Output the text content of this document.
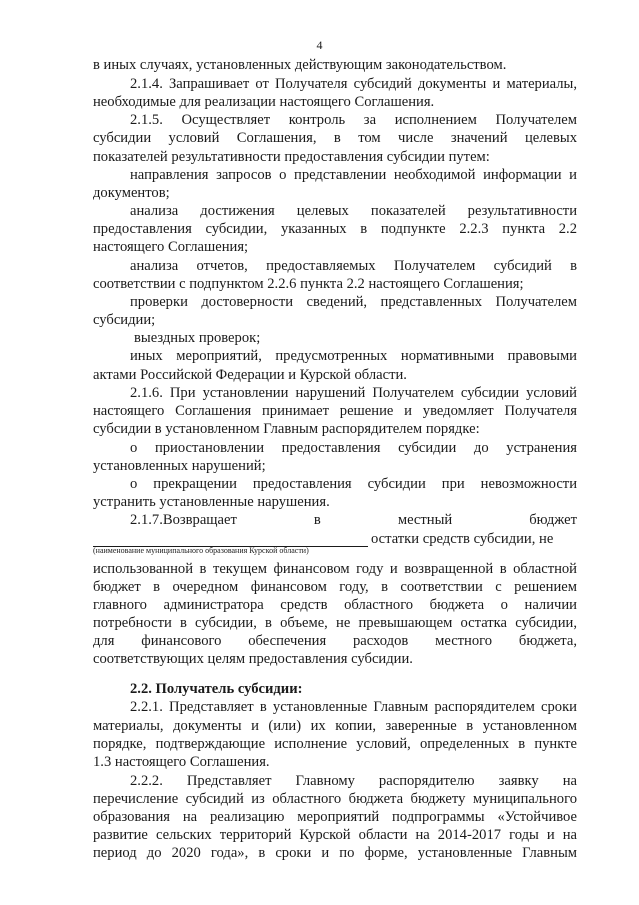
4
в иных случаях, установленных действующим законодательством.
2.1.4. Запрашивает от Получателя субсидий документы и материалы,
необходимые для реализации настоящего Соглашения.
2.1.5. Осуществляет контроль за исполнением Получателем
субсидии условий Соглашения, в том числе значений целевых
показателей результативности предоставления субсидии путем:
направления запросов о представлении необходимой информации и
документов;
анализа достижения целевых показателей результативности
предоставления субсидии, указанных в подпункте 2.2.3 пункта 2.2
настоящего Соглашения;
анализа отчетов, предоставляемых Получателем субсидий в
соответствии с подпунктом 2.2.6 пункта 2.2 настоящего Соглашения;
проверки достоверности сведений, представленных Получателем
субсидии;
выездных проверок;
иных мероприятий, предусмотренных нормативными правовыми
актами Российской Федерации и Курской области.
2.1.6. При установлении нарушений Получателем субсидии условий
настоящего Соглашения принимает решение и уведомляет Получателя
субсидии в установленном Главным распорядителем порядке:
о приостановлении предоставления субсидии до устранения
установленных нарушений;
о прекращении предоставления субсидии при невозможности
устранить установленные нарушения.
2.1.7.Возвращает в местный бюджет
остатки средств субсидии, не
(наименование муниципального образования Курской области)
использованной в текущем финансовом году и возвращенной в областной
бюджет в очередном финансовом году, в соответствии с решением
главного администратора средств областного бюджета о наличии
потребности в субсидии, в объеме, не превышающем остатка субсидии,
для финансового обеспечения расходов местного бюджета,
соответствующих целям предоставления субсидии.
2.2. Получатель субсидии:
2.2.1. Представляет в установленные Главным распорядителем сроки
материалы, документы и (или) их копии, заверенные в установленном
порядке, подтверждающие исполнение условий, определенных в пункте
1.3 настоящего Соглашения.
2.2.2. Представляет Главному распорядителю заявку на
перечисление субсидий из областного бюджета бюджету муниципального
образования на реализацию мероприятий подпрограммы «Устойчивое
развитие сельских территорий Курской области на 2014-2017 годы и на
период до 2020 года», в сроки и по форме, установленные Главным
